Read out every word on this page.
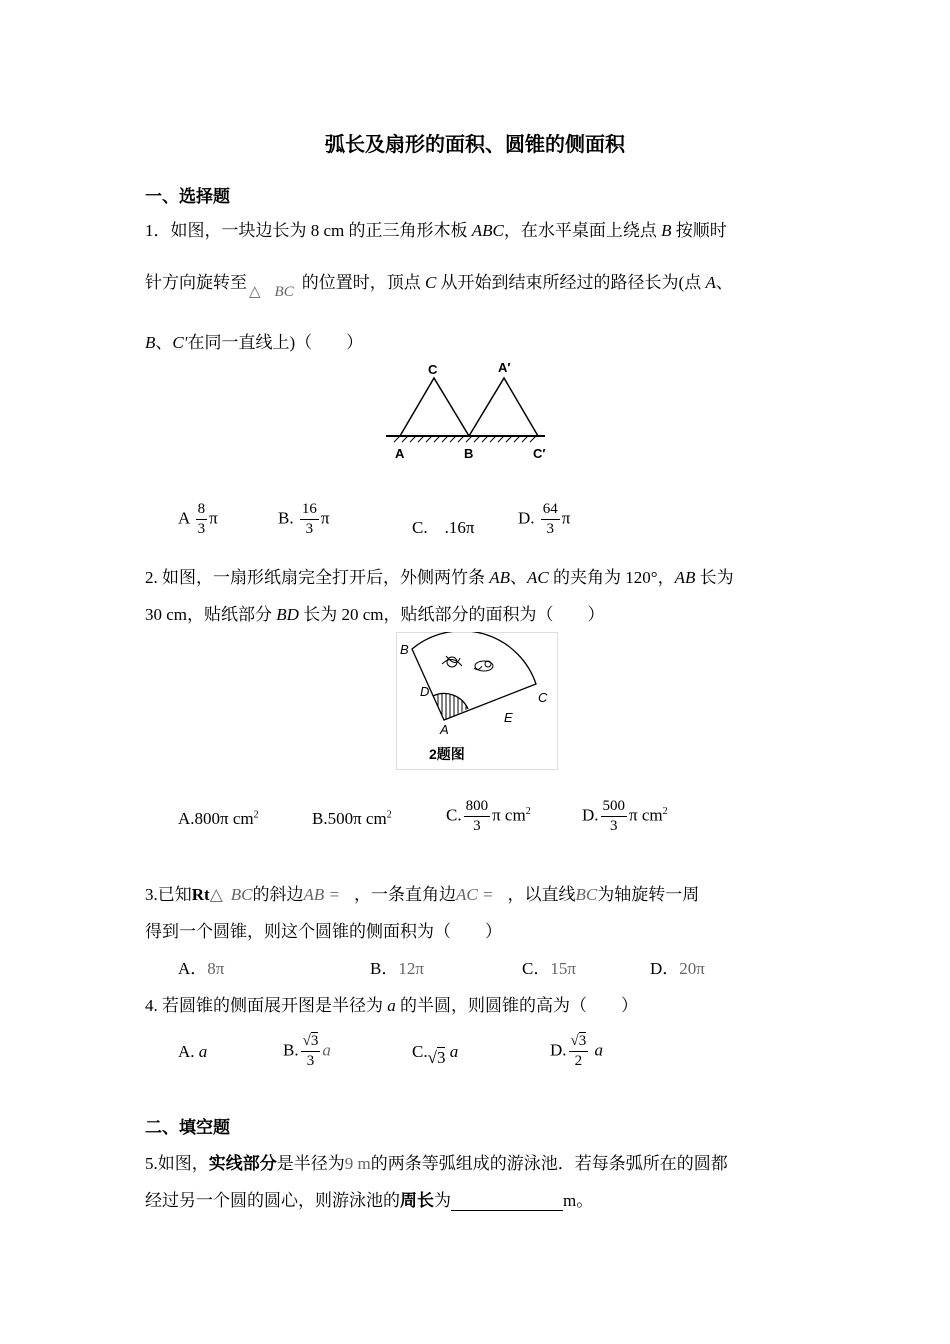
弧长及扇形的面积、圆锥的侧面积
一、选择题
1．如图，一块边长为 8 cm 的正三角形木板 ABC，在水平桌面上绕点 B 按顺时
针方向旋转至 △ BC 的位置时，顶点 C 从开始到结束所经过的路径长为(点 A、
B、C′在同一直线上)（　　）
C	A′
A	B	C′
A $\frac{8}{3}$ π	B. $\frac{16}{3}$ π
C.　.16π
D. $\frac{64}{3}$ π
2. 如图，一扇形纸扇完全打开后，外侧两竹条 AB、AC 的夹角为 120°，AB 长为
30 cm，贴纸部分 BD 长为 20 cm，贴纸部分的面积为（　　）
B
D
A
C
E
2题图
A.800π $cm^2$	B.500π $cm^2$	C. $\frac{800}{3}$ π $cm^2$	D. $\frac{500}{3}$ π $cm^2$
3.已知Rt△ BC的斜边AB = ，一条直角边AC = ，以直线BC为轴旋转一周
得到一个圆锥，则这个圆锥的侧面积为（　　）
A．8π	B．12π	C．15π	D．20π
4. 若圆锥的侧面展开图是半径为 a 的半圆，则圆锥的高为（　　）
A. a	B. $\frac{√3}{3}$ a	C.√3 a	D. $\frac{√3}{2}$ a
二、填空题
5.如图，实线部分是半径为9 m的两条等弧组成的游泳池．若每条弧所在的圆都
经过另一个圆的圆心，则游泳池的周长为	m。
